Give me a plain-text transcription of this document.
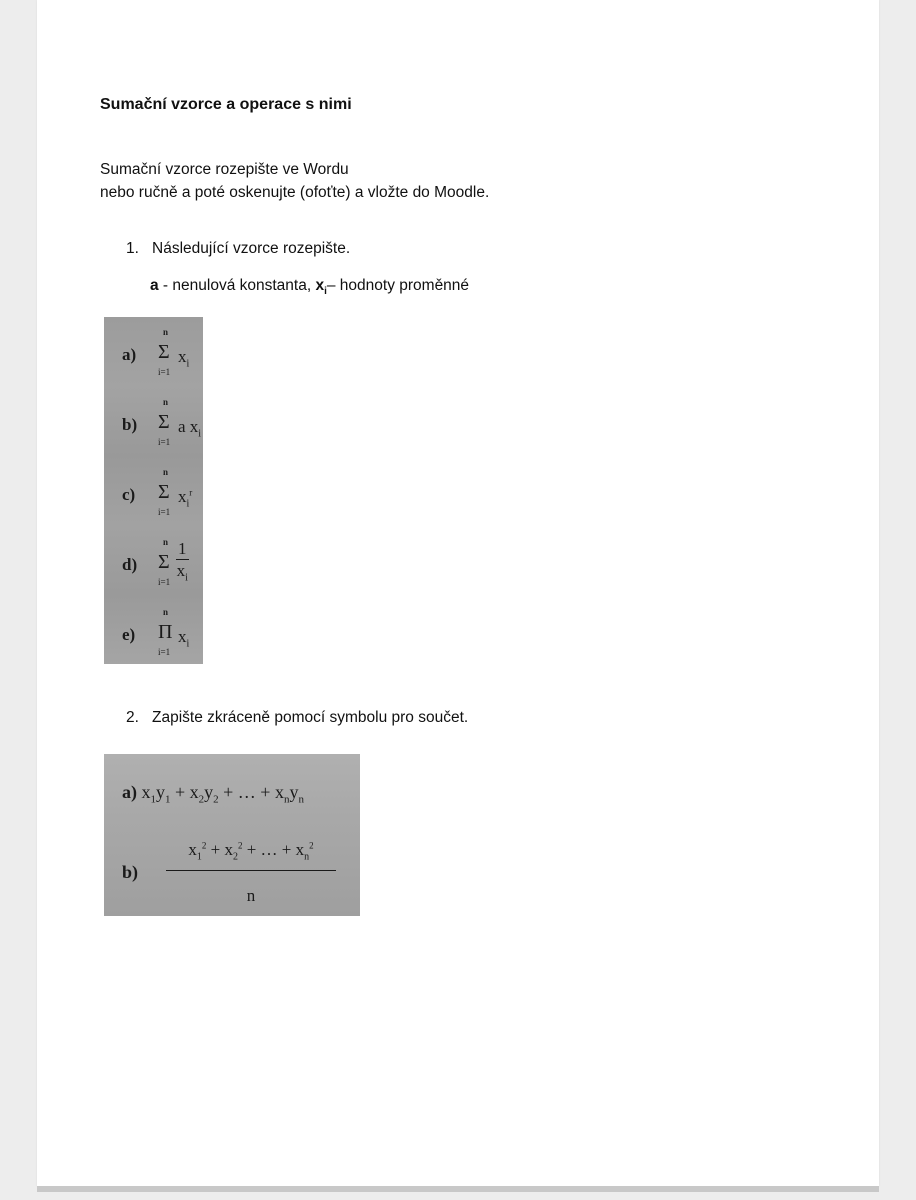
Sumační vzorce a operace s nimi
Sumační vzorce rozepište ve Wordu
nebo ručně a poté oskenujte (ofoťte) a vložte do Moodle.
1. Následující vzorce rozepište.
a - nenulová konstanta, $x_i-$ hodnoty proměnné
a)
n
Σ
i=1
$x_i$
b)
n
Σ
i=1
a $x_i$
c)
n
Σ
i=1
$x_i^r$
d)
n
Σ
$i=1 \frac{1}{x_i}$
e)
n
Π
i=1
$x_i$
2. Zapište zkráceně pomocí symbolu pro součet.
a) $x_1y_1 + x_2y_2$ + … + $x_ny_n$
b)
$x_1^2 + x_2^2$ + … + $x_n^2$
n
